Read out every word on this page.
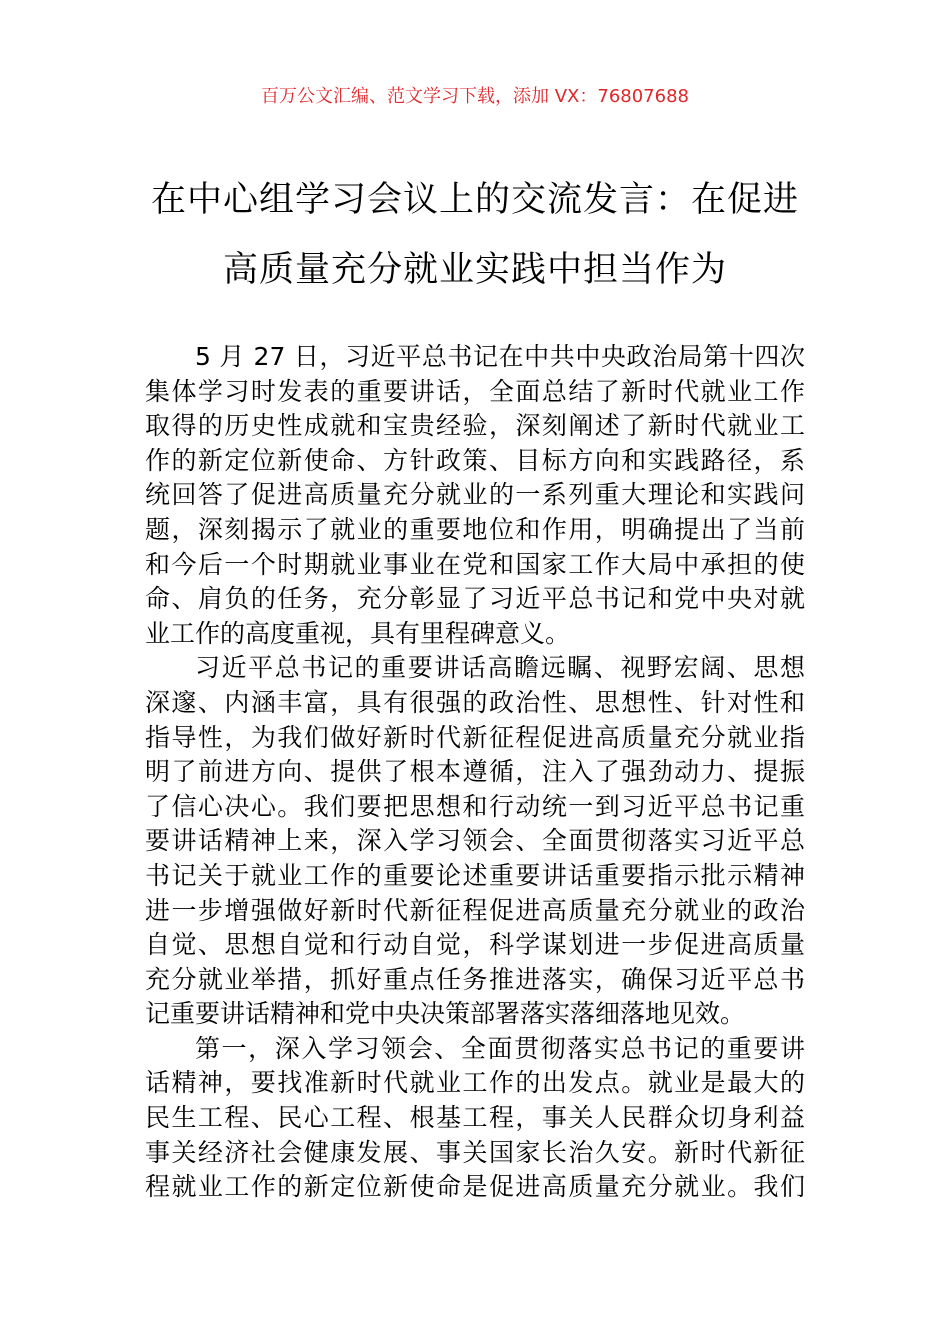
百万公文汇编、范文学习下载，添加 VX：76807688
在中心组学习会议上的交流发言：在促进
高质量充分就业实践中担当作为
5 月 27 日，习近平总书记在中共中央政治局第十四次
集体学习时发表的重要讲话，全面总结了新时代就业工作
取得的历史性成就和宝贵经验，深刻阐述了新时代就业工
作的新定位新使命、方针政策、目标方向和实践路径，系
统回答了促进高质量充分就业的一系列重大理论和实践问
题，深刻揭示了就业的重要地位和作用，明确提出了当前
和今后一个时期就业事业在党和国家工作大局中承担的使
命、肩负的任务，充分彰显了习近平总书记和党中央对就
业工作的高度重视，具有里程碑意义。
习近平总书记的重要讲话高瞻远瞩、视野宏阔、思想
深邃、内涵丰富，具有很强的政治性、思想性、针对性和
指导性，为我们做好新时代新征程促进高质量充分就业指
明了前进方向、提供了根本遵循，注入了强劲动力、提振
了信心决心。我们要把思想和行动统一到习近平总书记重
要讲话精神上来，深入学习领会、全面贯彻落实习近平总
书记关于就业工作的重要论述重要讲话重要指示批示精神
进一步增强做好新时代新征程促进高质量充分就业的政治
自觉、思想自觉和行动自觉，科学谋划进一步促进高质量
充分就业举措，抓好重点任务推进落实，确保习近平总书
记重要讲话精神和党中央决策部署落实落细落地见效。
第一，深入学习领会、全面贯彻落实总书记的重要讲
话精神，要找准新时代就业工作的出发点。就业是最大的
民生工程、民心工程、根基工程，事关人民群众切身利益
事关经济社会健康发展、事关国家长治久安。新时代新征
程就业工作的新定位新使命是促进高质量充分就业。我们
